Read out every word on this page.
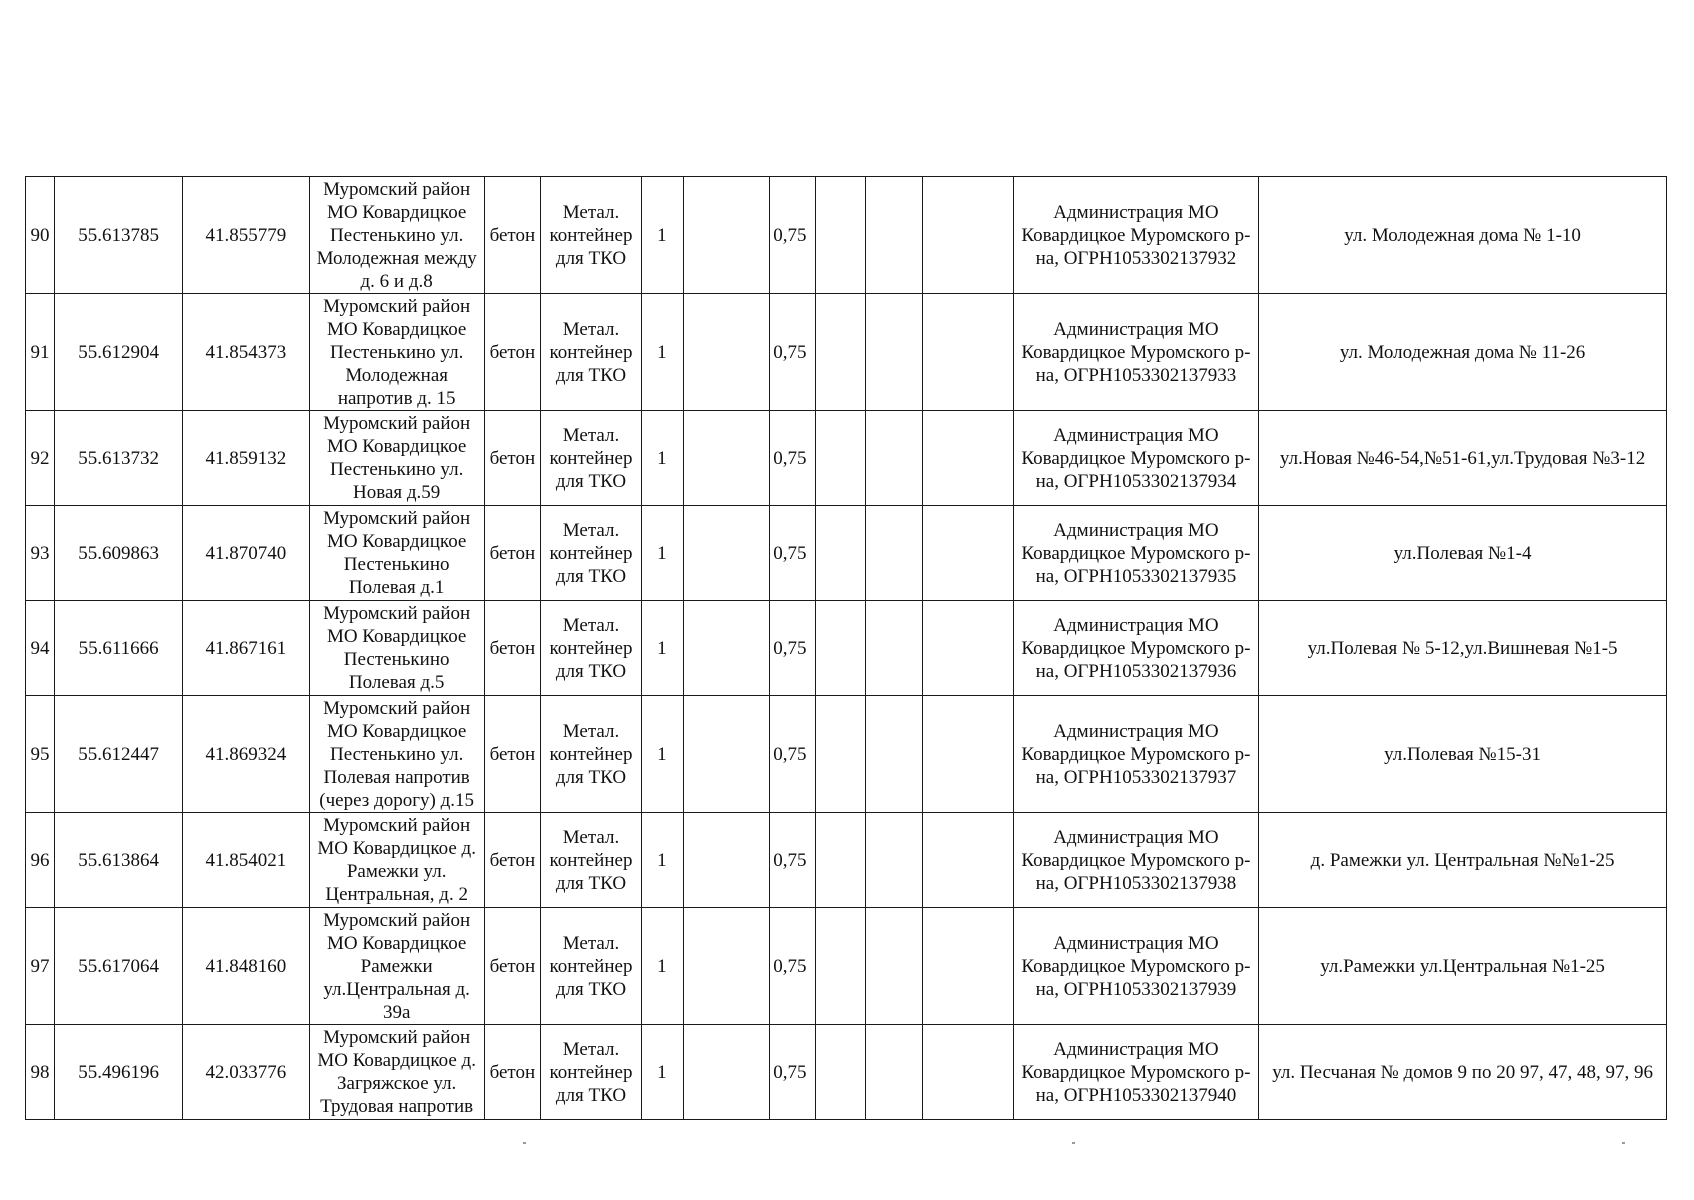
90	55.613785	41.855779	Муромский район МО Ковардицкое Пестенькино ул. Молодежная между д. 6 и д.8	бетон	Метал. контейнер для ТКО	1		0,75				Администрация МО Ковардицкое Муромского р-на, ОГРН1053302137932	ул. Молодежная дома № 1-10
91	55.612904	41.854373	Муромский район МО Ковардицкое Пестенькино ул. Молодежная напротив д. 15	бетон	Метал. контейнер для ТКО	1		0,75				Администрация МО Ковардицкое Муромского р-на, ОГРН1053302137933	ул. Молодежная дома № 11-26
92	55.613732	41.859132	Муромский район МО Ковардицкое Пестенькино ул. Новая д.59	бетон	Метал. контейнер для ТКО	1		0,75				Администрация МО Ковардицкое Муромского р-на, ОГРН1053302137934	ул.Новая №46-54,№51-61,ул.Трудовая №3-12
93	55.609863	41.870740	Муромский район МО Ковардицкое Пестенькино Полевая д.1	бетон	Метал. контейнер для ТКО	1		0,75				Администрация МО Ковардицкое Муромского р-на, ОГРН1053302137935	ул.Полевая №1-4
94	55.611666	41.867161	Муромский район МО Ковардицкое Пестенькино Полевая д.5	бетон	Метал. контейнер для ТКО	1		0,75				Администрация МО Ковардицкое Муромского р-на, ОГРН1053302137936	ул.Полевая № 5-12,ул.Вишневая №1-5
95	55.612447	41.869324	Муромский район МО Ковардицкое Пестенькино ул. Полевая напротив (через дорогу) д.15	бетон	Метал. контейнер для ТКО	1		0,75				Администрация МО Ковардицкое Муромского р-на, ОГРН1053302137937	ул.Полевая №15-31
96	55.613864	41.854021	Муромский район МО Ковардицкое д. Рамежки ул. Центральная, д. 2	бетон	Метал. контейнер для ТКО	1		0,75				Администрация МО Ковардицкое Муромского р-на, ОГРН1053302137938	д. Рамежки ул. Центральная №№1-25
97	55.617064	41.848160	Муромский район МО Ковардицкое Рамежки ул.Центральная д. 39а	бетон	Метал. контейнер для ТКО	1		0,75				Администрация МО Ковардицкое Муромского р-на, ОГРН1053302137939	ул.Рамежки ул.Центральная №1-25
98	55.496196	42.033776	Муромский район МО Ковардицкое д. Загряжское ул. Трудовая напротив	бетон	Метал. контейнер для ТКО	1		0,75				Администрация МО Ковардицкое Муромского р-на, ОГРН1053302137940	ул. Песчаная № домов 9 по 20 97, 47, 48, 97, 96
